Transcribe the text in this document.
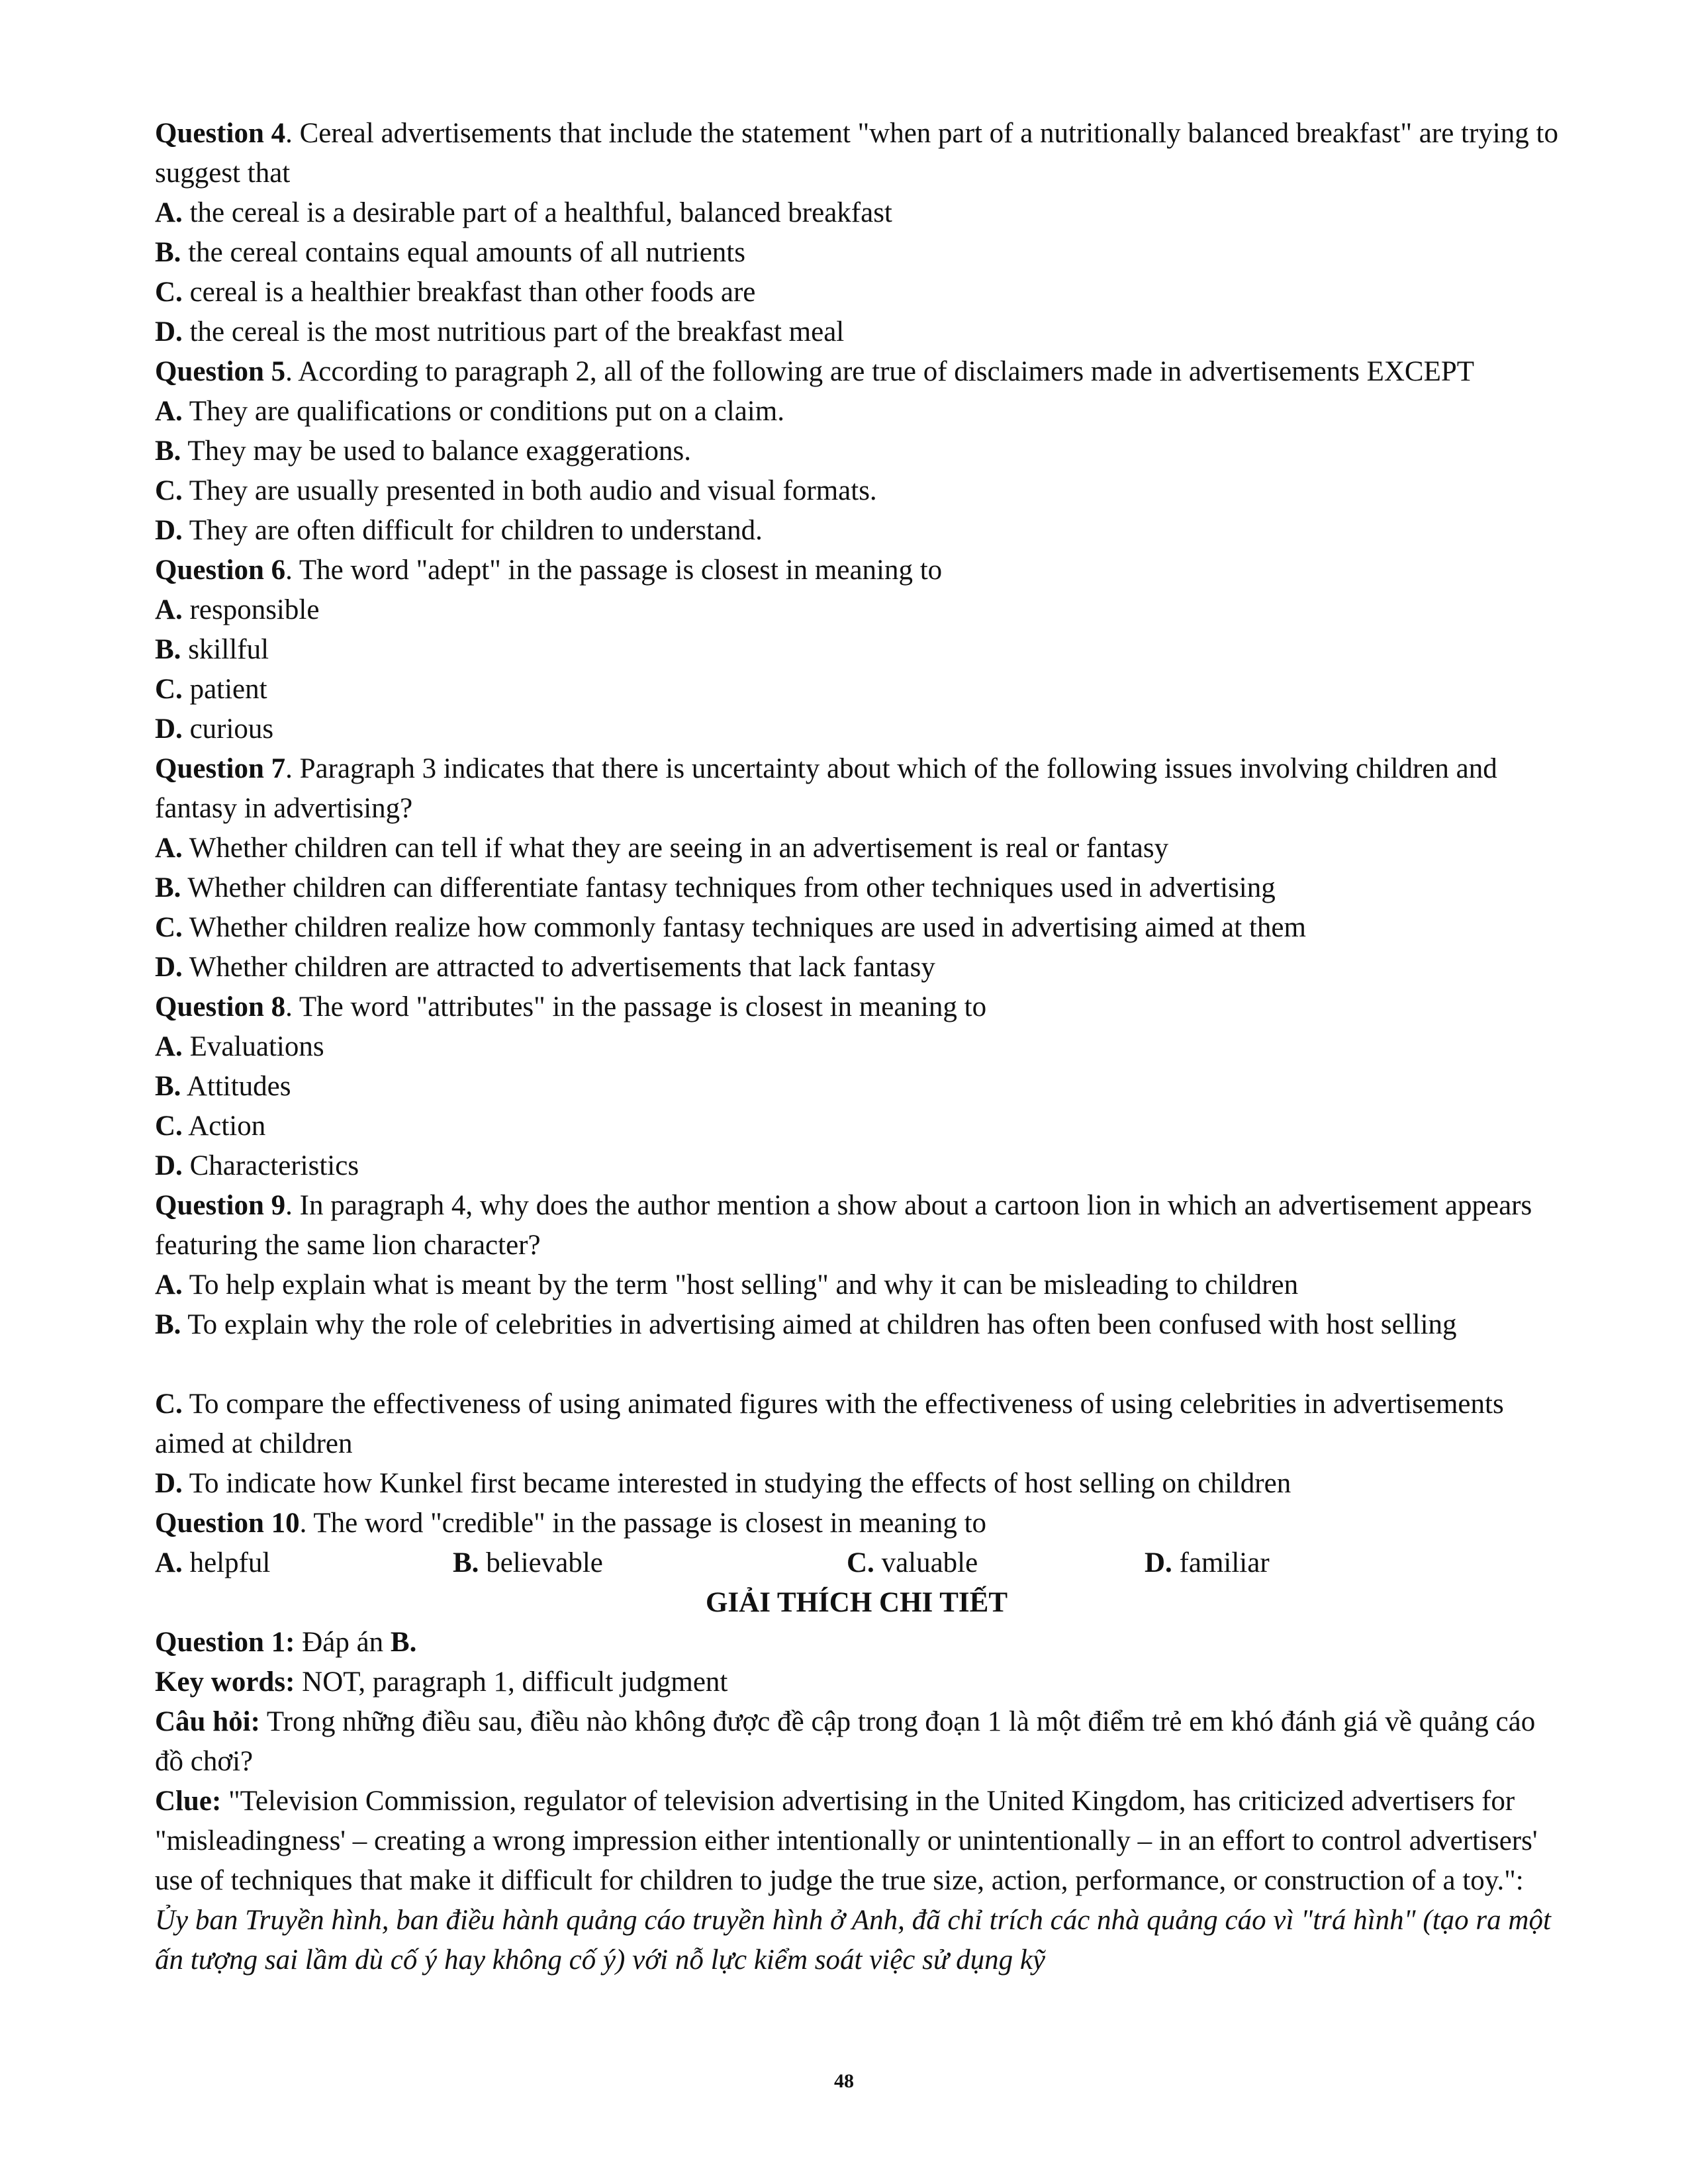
Question 4. Cereal advertisements that include the statement "when part of a nutritionally balanced breakfast" are trying to suggest that
A. the cereal is a desirable part of a healthful, balanced breakfast
B. the cereal contains equal amounts of all nutrients
C. cereal is a healthier breakfast than other foods are
D. the cereal is the most nutritious part of the breakfast meal
Question 5. According to paragraph 2, all of the following are true of disclaimers made in advertisements EXCEPT
A. They are qualifications or conditions put on a claim.
B. They may be used to balance exaggerations.
C. They are usually presented in both audio and visual formats.
D. They are often difficult for children to understand.
Question 6. The word "adept" in the passage is closest in meaning to
A. responsible
B. skillful
C. patient
D. curious
Question 7. Paragraph 3 indicates that there is uncertainty about which of the following issues involving children and fantasy in advertising?
A. Whether children can tell if what they are seeing in an advertisement is real or fantasy
B. Whether children can differentiate fantasy techniques from other techniques used in advertising
C. Whether children realize how commonly fantasy techniques are used in advertising aimed at them
D. Whether children are attracted to advertisements that lack fantasy
Question 8. The word "attributes" in the passage is closest in meaning to
A. Evaluations
B. Attitudes
C. Action
D. Characteristics
Question 9. In paragraph 4, why does the author mention a show about a cartoon lion in which an advertisement appears featuring the same lion character?
A. To help explain what is meant by the term "host selling" and why it can be misleading to children
B. To explain why the role of celebrities in advertising aimed at children has often been confused with host selling
C. To compare the effectiveness of using animated figures with the effectiveness of using celebrities in advertisements aimed at children
D. To indicate how Kunkel first became interested in studying the effects of host selling on children
Question 10. The word "credible" in the passage is closest in meaning to
A. helpful	B. believable	C. valuable	D. familiar
GIẢI THÍCH CHI TIẾT
Question 1: Đáp án B.
Key words: NOT, paragraph 1, difficult judgment
Câu hỏi: Trong những điều sau, điều nào không được đề cập trong đoạn 1 là một điểm trẻ em khó đánh giá về quảng cáo đồ chơi?
Clue: "Television Commission, regulator of television advertising in the United Kingdom, has criticized advertisers for "misleadingness' – creating a wrong impression either intentionally or unintentionally – in an effort to control advertisers' use of techniques that make it difficult for children to judge the true size, action, performance, or construction of a toy.": Ủy ban Truyền hình, ban điều hành quảng cáo truyền hình ở Anh, đã chỉ trích các nhà quảng cáo vì "trá hình" (tạo ra một ấn tượng sai lầm dù cố ý hay không cố ý) với nỗ lực kiểm soát việc sử dụng kỹ
48
